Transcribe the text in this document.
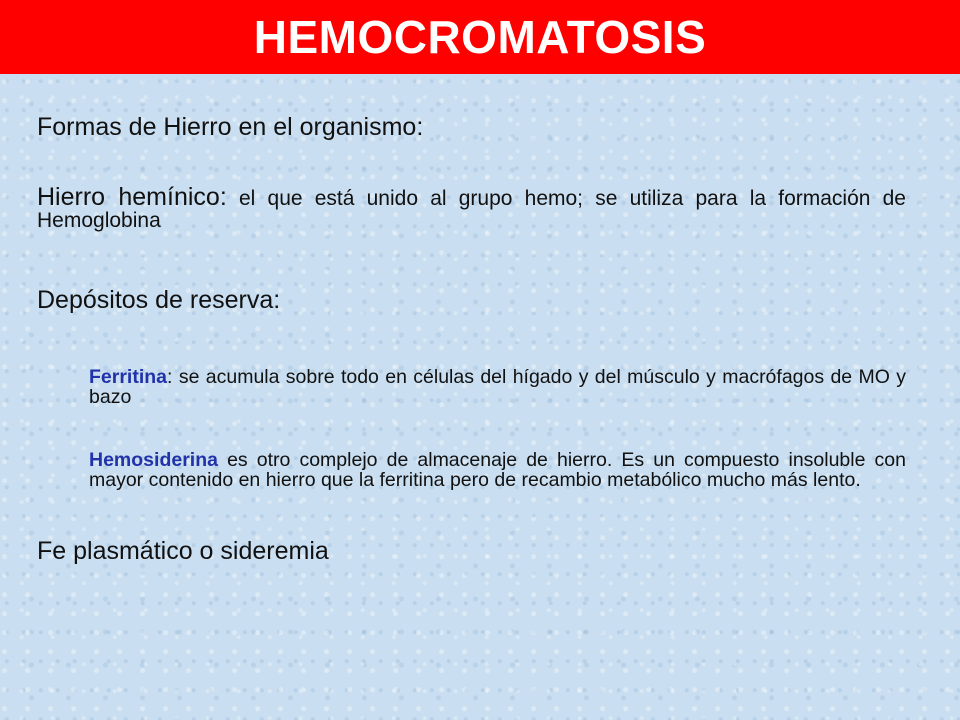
HEMOCROMATOSIS

Formas de Hierro en el organismo:

Hierro hemínico: el que está unido al grupo hemo; se utiliza para la formación de Hemoglobina

Depósitos de reserva:

Ferritina: se acumula sobre todo en células del hígado y del músculo y macrófagos de MO y bazo

Hemosiderina es otro complejo de almacenaje de hierro. Es un compuesto insoluble con mayor contenido en hierro que la ferritina pero de recambio metabólico mucho más lento.

Fe plasmático o sideremia
